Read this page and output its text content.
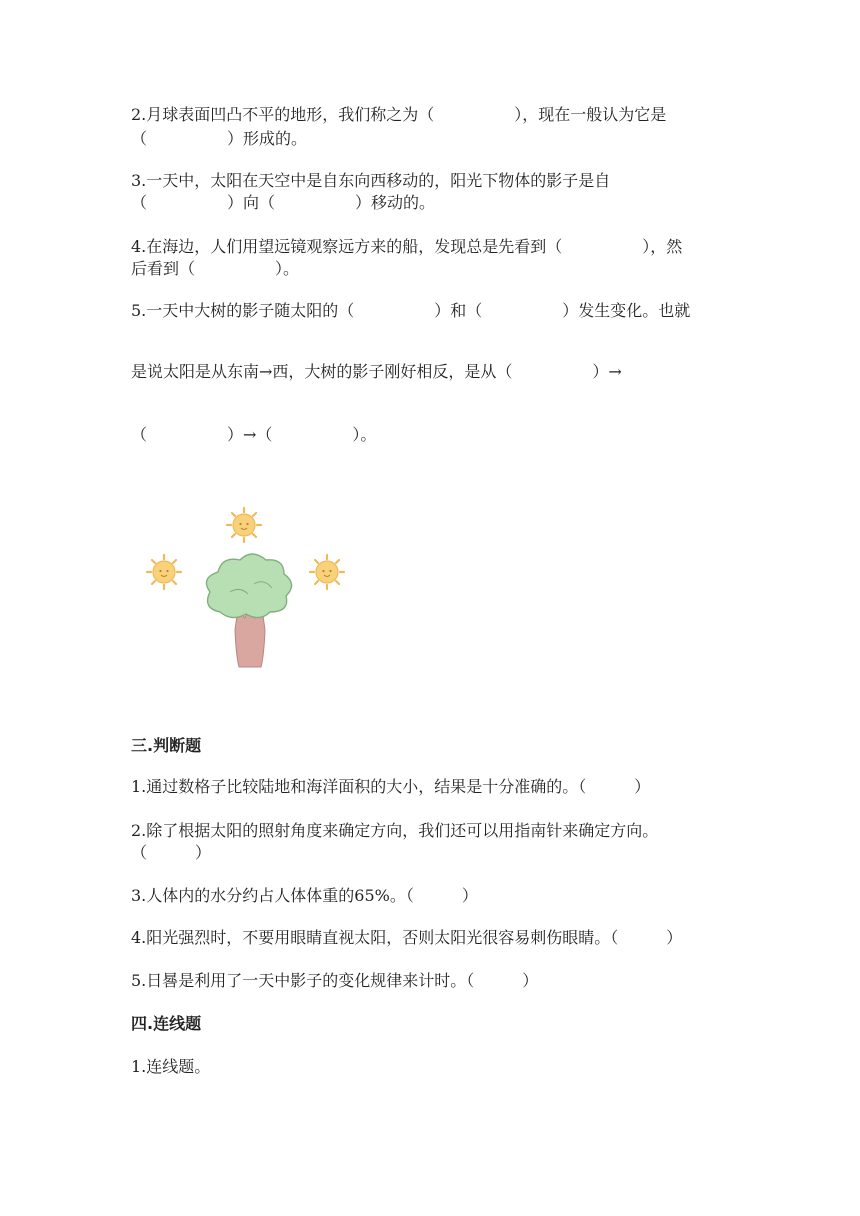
2.月球表面凹凸不平的地形，我们称之为（　　　　　），现在一般认为它是
（　　　　　）形成的。
3.一天中，太阳在天空中是自东向西移动的，阳光下物体的影子是自
（　　　　　）向（　　　　　）移动的。
4.在海边，人们用望远镜观察远方来的船，发现总是先看到（　　　　　），然
后看到（　　　　　）。
5.一天中大树的影子随太阳的（　　　　　）和（　　　　　）发生变化。也就
是说太阳是从东南→西，大树的影子刚好相反，是从（　　　　　）→
（　　　　　）→（　　　　　）。
三.判断题
1.通过数格子比较陆地和海洋面积的大小，结果是十分准确的。（　　　）
2.除了根据太阳的照射角度来确定方向，我们还可以用指南针来确定方向。
（　　　）
3.人体内的水分约占人体体重的65%。（　　　）
4.阳光强烈时，不要用眼睛直视太阳，否则太阳光很容易刺伤眼睛。（　　　）
5.日晷是利用了一天中影子的变化规律来计时。（　　　）
四.连线题
1.连线题。
